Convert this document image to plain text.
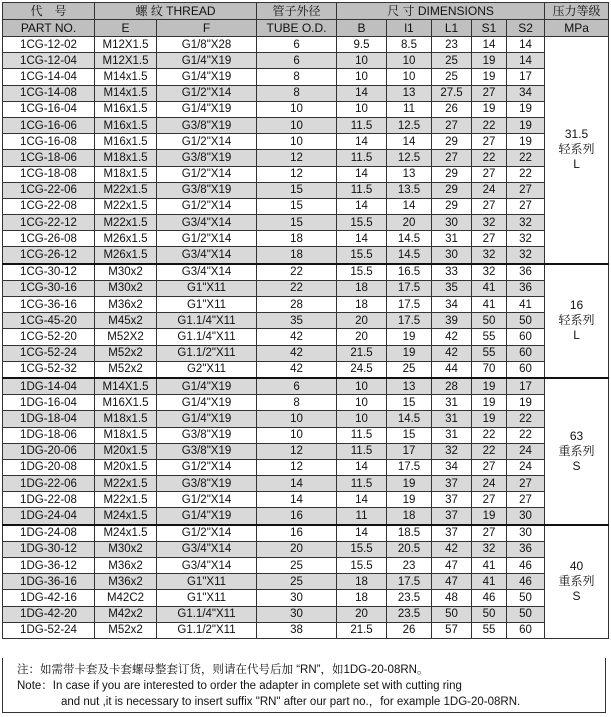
代　号	螺 纹 THREAD		管子外径	尺 寸 DIMENSIONS					压力等级
PART NO.	E	F	TUBE O.D.	B	l1	L1	S1	S2	MPa
1CG-12-02	M12X1.5	G1/8"X28	6	9.5	8.5	23	14	14	31.5
轻系列
L

1CG-12-04	M12X1.5	G1/4"X19	6	10	10	25	19	14	
1CG-14-04	M14x1.5	G1/4"X19	8	10	10	25	19	17	
1CG-14-08	M14x1.5	G1/2"X14	8	14	13	27.5	27	34	
1CG-16-04	M16x1.5	G1/4"X19	10	10	11	26	19	19	
1CG-16-06	M16x1.5	G3/8"X19	10	11.5	12.5	27	22	19	
1CG-16-08	M16x1.5	G1/2"X14	10	14	14	29	27	19	
1CG-18-06	M18x1.5	G3/8"X19	12	11.5	12.5	27	22	22	
1CG-18-08	M18x1.5	G1/2"X14	12	14	13	29	27	22	
1CG-22-06	M22x1.5	G3/8"X19	15	11.5	13.5	29	24	27	
1CG-22-08	M22x1.5	G1/2"X14	15	14	14	29	27	27	
1CG-22-12	M22x1.5	G3/4"X14	15	15.5	20	30	32	32	
1CG-26-08	M26x1.5	G1/2"X14	18	14	14.5	31	27	32	
1CG-26-12	M26x1.5	G3/4"X14	18	15.5	14.5	30	32	32	
1CG-30-12	M30x2	G3/4"X14	22	15.5	16.5	33	32	36	16
轻系列
L

1CG-30-16	M30x2	G1"X11	22	18	17.5	35	41	36	
1CG-36-16	M36x2	G1"X11	28	18	17.5	34	41	41	
1CG-45-20	M45x2	G1.1/4"X11	35	20	17.5	39	50	50	
1CG-52-20	M52X2	G1.1/4"X11	42	20	19	42	55	60	
1CG-52-24	M52x2	G1.1/2"X11	42	21.5	19	42	55	60	
1CG-52-32	M52x2	G2"X11	42	24.5	25	44	70	60	
1DG-14-04	M14X1.5	G1/4"X19	6	10	13	28	19	17	63
重系列
S

1DG-16-04	M16X1.5	G1/4"X19	8	10	15	31	19	19	
1DG-18-04	M18x1.5	G1/4"X19	10	10	14.5	31	19	22	
1DG-18-06	M18x1.5	G3/8"X19	10	11.5	15	31	22	22	
1DG-20-06	M20x1.5	G3/8"X19	12	11.5	17	32	22	24	
1DG-20-08	M20x1.5	G1/2"X14	12	14	17.5	34	27	24	
1DG-22-06	M22x1.5	G3/8"X19	14	11.5	19	37	24	27	
1DG-22-08	M22x1.5	G1/2"X14	14	14	19	37	27	27	
1DG-24-04	M24x1.5	G1/4"X19	16	11	18	37	19	30	
1DG-24-08	M24x1.5	G1/2"X14	16	14	18.5	37	27	30	40
重系列
S

1DG-30-12	M30x2	G3/4"X14	20	15.5	20.5	42	32	36	
1DG-36-12	M36x2	G3/4"X14	25	15.5	23	47	41	46	
1DG-36-16	M36x2	G1"X11	25	18	17.5	47	41	46	
1DG-42-16	M42C2	G1"X11	30	18	23.5	48	46	50	
1DG-42-20	M42x2	G1.1/4"X11	30	20	23.5	50	50	50	
1DG-52-24	M52x2	G1.1/2"X11	38	21.5	26	57	55	60	
注：如需带卡套及卡套螺母整套订货，则请在代号后加 “RN”，如1DG-20-08RN。
Note：In case if you are interested to order the adapter in complete set with cutting ring
and nut ,it is necessary to insert suffix "RN" after our part no.，for example 1DG-20-08RN.
